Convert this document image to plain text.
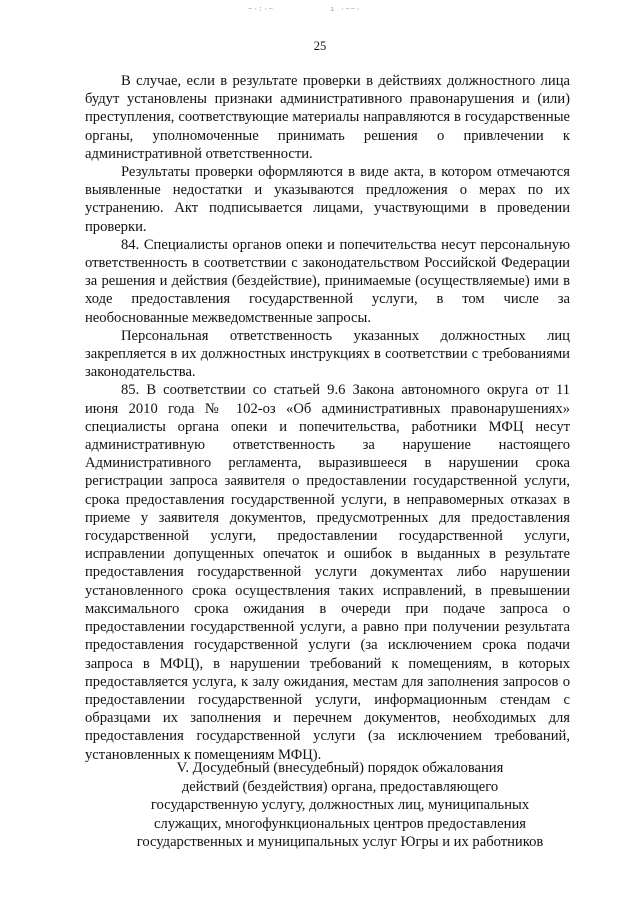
~·:·~	ı ·~~·
25

В случае, если в результате проверки в действиях должностного лица будут установлены признаки административного правонарушения и (или) преступления, соответствующие материалы направляются в государственные органы, уполномоченные принимать решения о привлечении к административной ответственности.

Результаты проверки оформляются в виде акта, в котором отмечаются выявленные недостатки и указываются предложения о мерах по их устранению. Акт подписывается лицами, участвующими в проведении проверки.

84. Специалисты органов опеки и попечительства несут персональную ответственность в соответствии с законодательством Российской Федерации за решения и действия (бездействие), принимаемые (осуществляемые) ими в ходе предоставления государственной услуги, в том числе за необоснованные межведомственные запросы.

Персональная ответственность указанных должностных лиц закрепляется в их должностных инструкциях в соответствии с требованиями законодательства.

85. В соответствии со статьей 9.6 Закона автономного округа от 11 июня 2010 года № 102-оз «Об административных правонарушениях» специалисты органа опеки и попечительства, работники МФЦ несут административную ответственность за нарушение настоящего Административного регламента, выразившееся в нарушении срока регистрации запроса заявителя о предоставлении государственной услуги, срока предоставления государственной услуги, в неправомерных отказах в приеме у заявителя документов, предусмотренных для предоставления государственной услуги, предоставлении государственной услуги, исправлении допущенных опечаток и ошибок в выданных в результате предоставления государственной услуги документах либо нарушении установленного срока осуществления таких исправлений, в превышении максимального срока ожидания в очереди при подаче запроса о предоставлении государственной услуги, а равно при получении результата предоставления государственной услуги (за исключением срока подачи запроса в МФЦ), в нарушении требований к помещениям, в которых предоставляется услуга, к залу ожидания, местам для заполнения запросов о предоставлении государственной услуги, информационным стендам с образцами их заполнения и перечнем документов, необходимых для предоставления государственной услуги (за исключением требований, установленных к помещениям МФЦ).

V. Досудебный (внесудебный) порядок обжалования
действий (бездействия) органа, предоставляющего
государственную услугу, должностных лиц, муниципальных
служащих, многофункциональных центров предоставления
государственных и муниципальных услуг Югры и их работников
